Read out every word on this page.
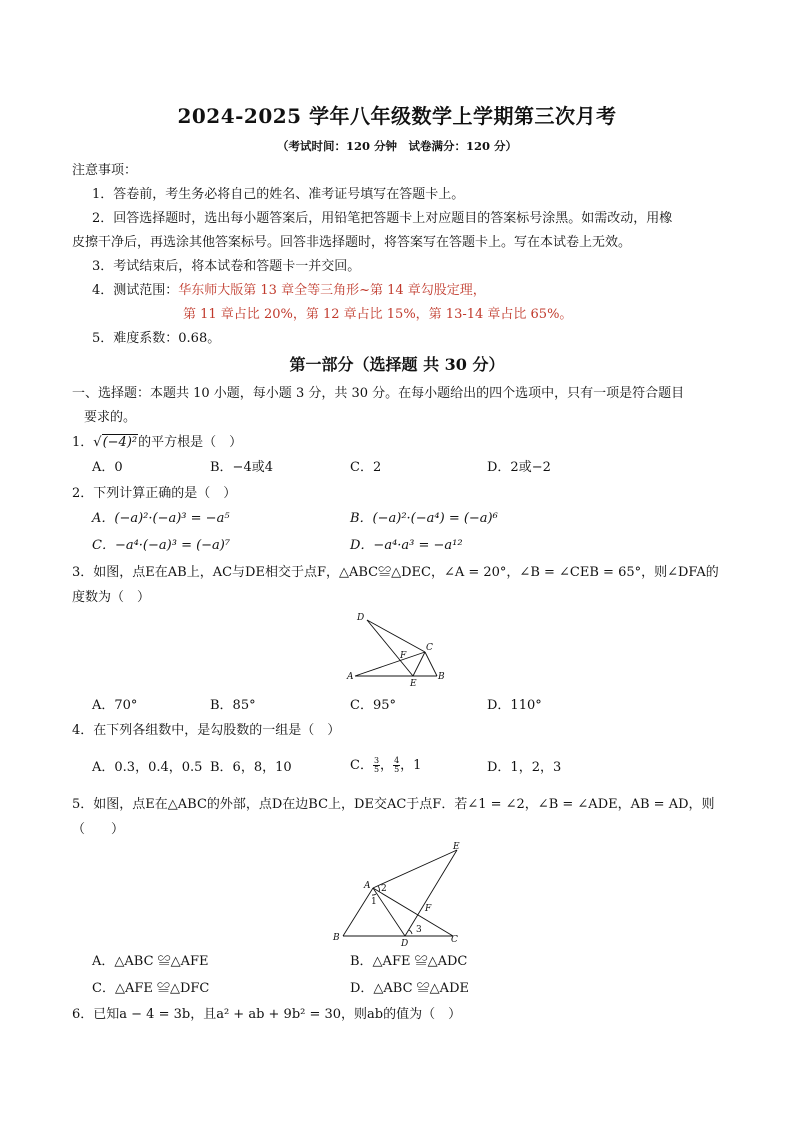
2024-2025 学年八年级数学上学期第三次月考
（考试时间：120 分钟　试卷满分：120 分）
注意事项：
1．答卷前，考生务必将自己的姓名、准考证号填写在答题卡上。
2．回答选择题时，选出每小题答案后，用铅笔把答题卡上对应题目的答案标号涂黑。如需改动，用橡
皮擦干净后，再选涂其他答案标号。回答非选择题时，将答案写在答题卡上。写在本试卷上无效。
3．考试结束后，将本试卷和答题卡一并交回。
4．测试范围：华东师大版第 13 章全等三角形~第 14 章勾股定理，
第 11 章占比 20%，第 12 章占比 15%，第 13-14 章占比 65%。
5．难度系数：0.68。
第一部分（选择题 共 30 分）
一、选择题：本题共 10 小题，每小题 3 分，共 30 分。在每小题给出的四个选项中，只有一项是符合题目
要求的。
1．√(−4)²的平方根是（　）
A．0	B．−4或4	C．2	D．2或−2
2．下列计算正确的是（　）
A．(−a)²·(−a)³ = −a⁵	B．(−a)²·(−a⁴) = (−a)⁶
C．−a⁴·(−a)³ = (−a)⁷	D．−a⁴·a³ = −a¹²
3．如图，点E在AB上，AC与DE相交于点F，△ABC≌△DEC，∠A = 20°，∠B = ∠CEB = 65°，则∠DFA的
度数为（　）
D
C
F
A
E
B
A．70°	B．85°	C．95°	D．110°
4．在下列各组数中，是勾股数的一组是（　）
A．0.3，0.4，0.5 B．6，8，10	C． $\frac{3}{5}$ ， $\frac{4}{5}$ ，1	D．1，2，3
5．如图，点E在△ABC的外部，点D在边BC上，DE交AC于点F．若∠1 = ∠2，∠B = ∠ADE，AB = AD，则
（　　）
E
A 2
1
F
B
D
3
C
A．△ABC ≌△AFE	B．△AFE ≌△ADC
C．△AFE ≌△DFC	D．△ABC ≌△ADE
6．已知a − 4 = 3b，且a² + ab + 9b² = 30，则ab的值为（　）
